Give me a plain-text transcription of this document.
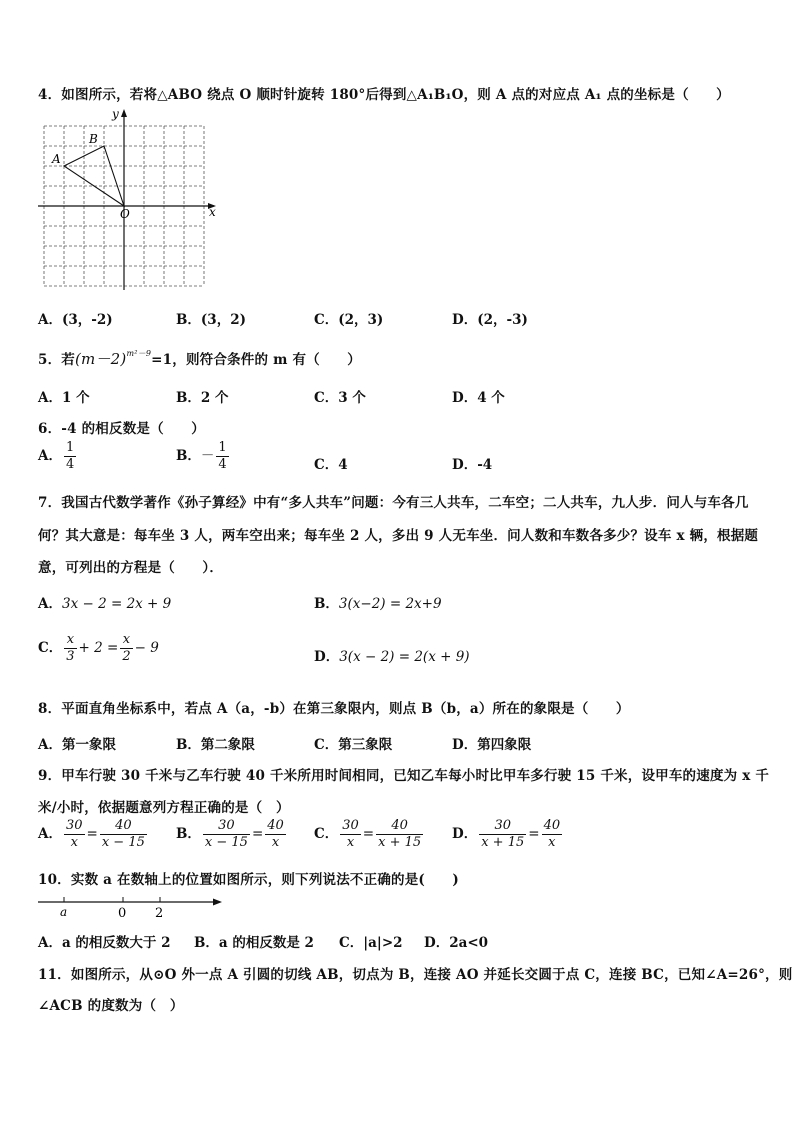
4．如图所示，若将△ABO 绕点 O 顺时针旋转 180°后得到△A₁B₁O，则 A 点的对应点 A₁ 点的坐标是（　　）
x
y
O
A
B
A．(3，-2)	B．(3，2)	C．(2，3)	D．(2，-3)
5．若$(m-2)^{m^2-9}=1$，则符合条件的 m 有（　　）
A．1 个	B．2 个	C．3 个	D．4 个
6．-4 的相反数是（　　）
A． $\frac{1}{4}$	B．－ $\frac{1}{4}$	C．4	D．-4
7．我国古代数学著作《孙子算经》中有“多人共车”问题：今有三人共车，二车空；二人共车，九人步．问人与车各几
何？其大意是：每车坐 3 人，两车空出来；每车坐 2 人，多出 9 人无车坐．问人数和车数各多少？设车 x 辆，根据题
意，可列出的方程是（　　）．
A．3x − 2 = 2x + 9	B．3(x−2) = 2x+9
C． $\frac{x}{3} + 2 = \frac{x}{2} - 9$
D．3(x − 2) = 2(x + 9)
8．平面直角坐标系中，若点 A（a，-b）在第三象限内，则点 B（b，a）所在的象限是（　　）
A．第一象限	B．第二象限	C．第三象限	D．第四象限
9．甲车行驶 30 千米与乙车行驶 40 千米所用时间相同，已知乙车每小时比甲车多行驶 15 千米，设甲车的速度为 x 千
米/小时，依据题意列方程正确的是（　）
A． $\frac{30}{x} = \frac{40}{x - 15}$ B． $\frac{30}{x - 15} = \frac{40}{x}$ C． $\frac{30}{x} = \frac{40}{x + 15}$ D． $\frac{30}{x + 15} = \frac{40}{x}$
10．实数 a 在数轴上的位置如图所示，则下列说法不正确的是(　　)
a	0 2
A．a 的相反数大于 2 B．a 的相反数是 2 C．|a|>2 D．2a<0
11．如图所示，从⊙O 外一点 A 引圆的切线 AB，切点为 B，连接 AO 并延长交圆于点 C，连接 BC，已知∠A=26°，则
∠ACB 的度数为（　）
